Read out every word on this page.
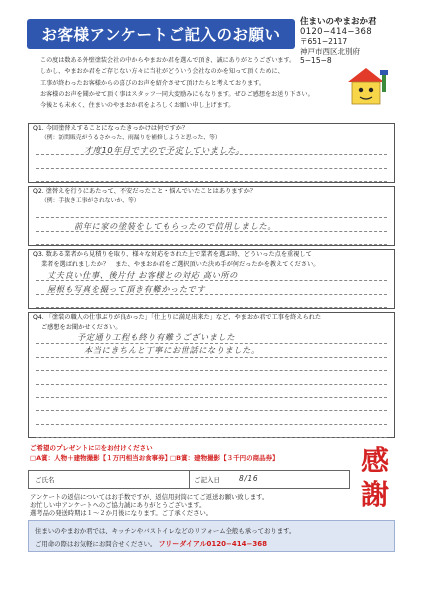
お客様アンケートご記入のお願い
住まいのやまおか君
0120−414−368
〒651−2117
神戸市西区北別府
5−15−8
この度は数ある外壁塗装会社の中からやまおか君を選んで頂き、誠にありがとうございます。
しかし、やまおか君をご存じない方々に当社がどういう会社なのかを知って頂くために、
工事が終わったお客様からの喜びのお声を紹介させて頂けたらと考えております。
お客様のお声を聞かせて頂く事はスタッフ一同大変励みにもなります。ぜひご感想をお送り下さい。
今後とも末永く、住まいのやまおか君をよろしくお願い申し上げます。
Q1. 今回塗替えすることになったきっかけは何ですか？
（例：訪問販売がうるさかった、雨漏りを補修しようと思った、等）
才度10年目ですので予定していました。
Q2. 塗替えを行うにあたって、不安だったこと・悩んでいたことはありますか？
（例：手抜き工事がされないか、等）
前年に家の塗装をしてもらったので信用しました。
Q3. 数ある業者から見積りを取り、様々な対応をされた上で業者を選ぶ時、どういった点を重視して
業者を選ばれましたか？　また、やまおか君をご選択頂いた決め手が何だったかを教えてください。
丈夫良い仕事、後片付 お客様との対応 高い所の
屋根も写真を撮って頂き有難かったです
Q4. 「塗装の職人の仕事ぶりが良かった」「仕上りに満足出来た」など、やまおか君で工事を終えられた
ご感想をお聞かせください。
予定通り工程も終り有難うございました
本当にきちんと丁寧にお世話になりました。
ご希望のプレゼントに☑をお付けください
□A賞：人物＋建物撮影【１万円相当お食事券】
□B賞：建物撮影【３千円の商品券】	感謝
ご氏名	ご記入日	8/16
アンケートの返信についてはお手数ですが、返信用封筒にてご返送お願い致します。
お忙しい中アンケートへのご協力誠にありがとうございます。
選考品の発送時期は１〜２か月後になります。ご了承ください。
住まいのやまおか君では、キッチンやバストイレなどのリフォーム全般も承っております。
ご用命の際はお気軽にお問合せください。 フリーダイアル0120−414−368
